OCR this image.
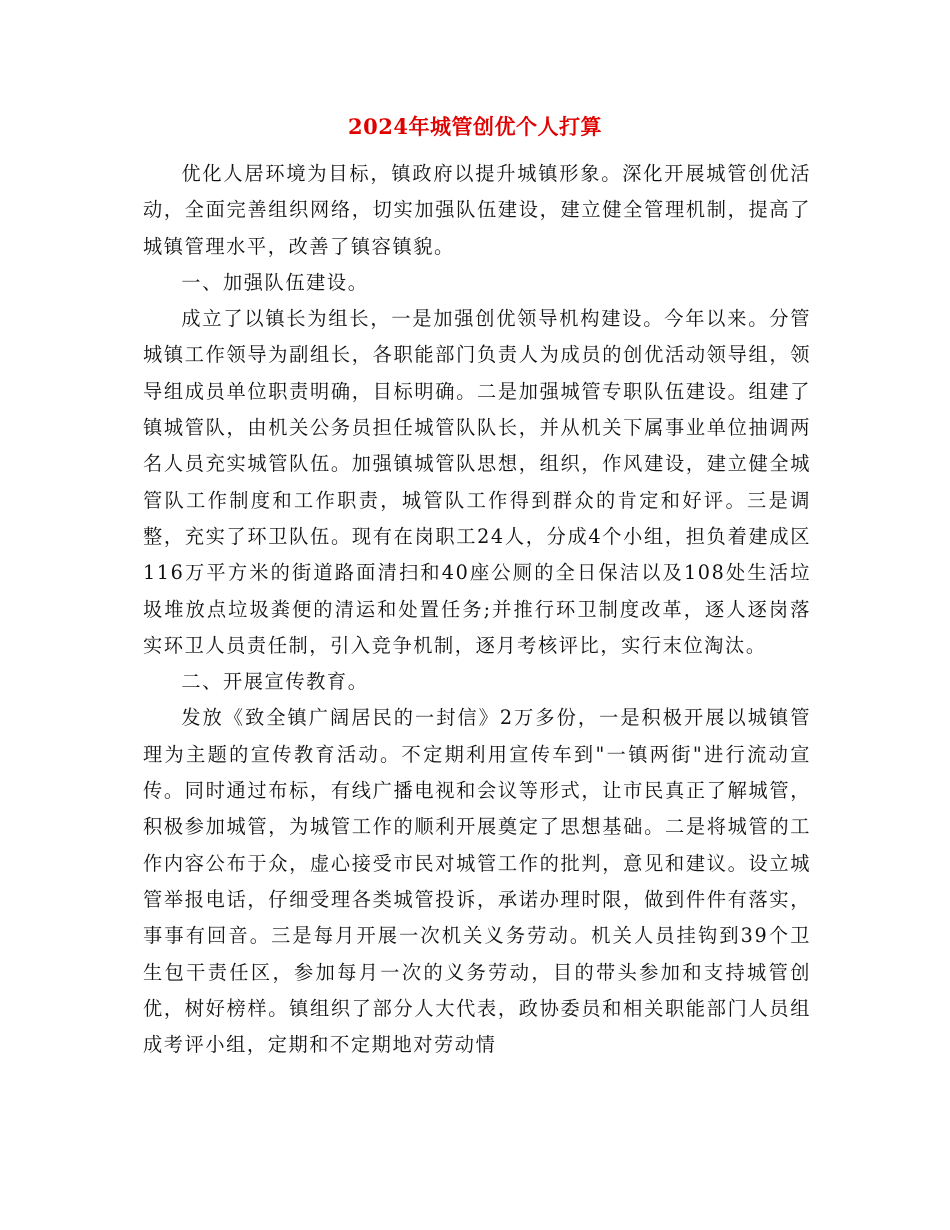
2024年城管创优个人打算

优化人居环境为目标，镇政府以提升城镇形象。深化开展城管创优活动，全面完善组织网络，切实加强队伍建设，建立健全管理机制，提高了城镇管理水平，改善了镇容镇貌。

一、加强队伍建设。

成立了以镇长为组长，一是加强创优领导机构建设。今年以来。分管城镇工作领导为副组长，各职能部门负责人为成员的创优活动领导组，领导组成员单位职责明确，目标明确。二是加强城管专职队伍建设。组建了镇城管队，由机关公务员担任城管队队长，并从机关下属事业单位抽调两名人员充实城管队伍。加强镇城管队思想，组织，作风建设，建立健全城管队工作制度和工作职责，城管队工作得到群众的肯定和好评。三是调整，充实了环卫队伍。现有在岗职工24人，分成4个小组，担负着建成区116万平方米的街道路面清扫和40座公厕的全日保洁以及108处生活垃圾堆放点垃圾粪便的清运和处置任务;并推行环卫制度改革，逐人逐岗落实环卫人员责任制，引入竞争机制，逐月考核评比，实行末位淘汰。

二、开展宣传教育。

发放《致全镇广阔居民的一封信》2万多份，一是积极开展以城镇管理为主题的宣传教育活动。不定期利用宣传车到"一镇两街"进行流动宣传。同时通过布标，有线广播电视和会议等形式，让市民真正了解城管，积极参加城管，为城管工作的顺利开展奠定了思想基础。二是将城管的工作内容公布于众，虚心接受市民对城管工作的批判，意见和建议。设立城管举报电话，仔细受理各类城管投诉，承诺办理时限，做到件件有落实，事事有回音。三是每月开展一次机关义务劳动。机关人员挂钩到39个卫生包干责任区，参加每月一次的义务劳动，目的带头参加和支持城管创优，树好榜样。镇组织了部分人大代表，政协委员和相关职能部门人员组成考评小组，定期和不定期地对劳动情
